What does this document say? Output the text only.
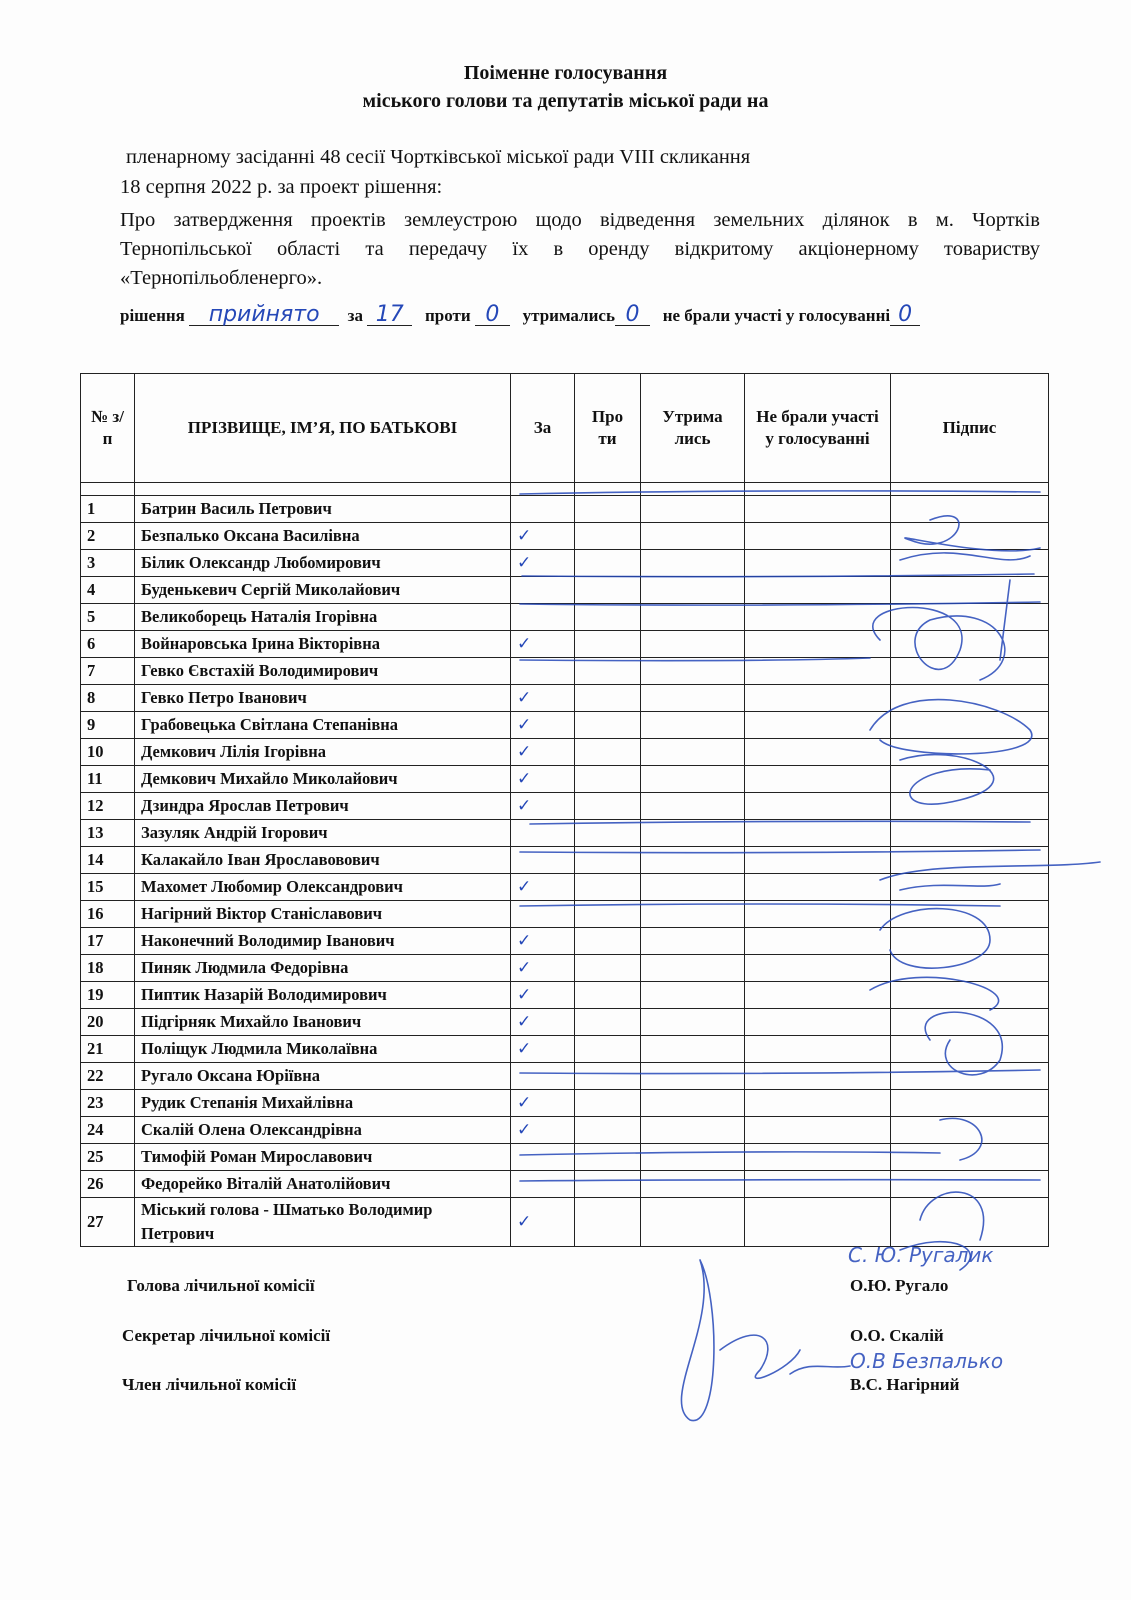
Поіменне голосування
міського голови та депутатів міської ради на
пленарному засіданні 48 сесії Чортківської міської ради VIII скликання
18 серпня 2022 р. за проект рішення:
Про затвердження проектів землеустрою щодо відведення земельних ділянок в м. Чортків Тернопільської області та передачу їх в оренду відкритому акціонерному товариству «Тернопільобленерго».
рішення прийнято за 17 проти 0 утримались 0 не брали участі у голосуванні 0
№ з/п	ПРІЗВИЩЕ, ІМ’Я, ПО БАТЬКОВІ	За	Про ти	Утрима лись	Не брали участі у голосуванні	Підпис

1	Батрин Василь Петрович					
2	Безпалько Оксана Василівна	✓				
3	Білик Олександр Любомирович	✓				
4	Буденькевич Сергій Миколайович					
5	Великоборець Наталія Ігорівна					
6	Войнаровська Ірина Вікторівна	✓				
7	Гевко Євстахій Володимирович					
8	Гевко Петро Іванович	✓				
9	Грабовецька Світлана Степанівна	✓				
10	Демкович Лілія Ігорівна	✓				
11	Демкович Михайло Миколайович	✓				
12	Дзиндра Ярослав Петрович	✓				
13	Зазуляк Андрій Ігорович					
14	Калакайло Іван Ярославовович					
15	Махомет Любомир Олександрович	✓				
16	Нагірний Віктор Станіславович					
17	Наконечний Володимир Іванович	✓				
18	Пиняк Людмила Федорівна	✓				
19	Пиптик Назарій Володимирович	✓				
20	Підгірняк Михайло Іванович	✓				
21	Поліщук Людмила Миколаївна	✓				
22	Ругало Оксана Юріївна					
23	Рудик Степанія Михайлівна	✓				
24	Скалій Олена Олександрівна	✓				
25	Тимофій Роман Мирославович					
26	Федорейко Віталій Анатолійович					
27	Міський голова - Шматько Володимир Петрович	✓				
С. Ю. Ругалик
О.В Безпалько
Голова лічильної комісії	О.Ю. Ругало
Секретар лічильної комісії	О.О. Скалій
Член лічильної комісії	В.С. Нагірний
